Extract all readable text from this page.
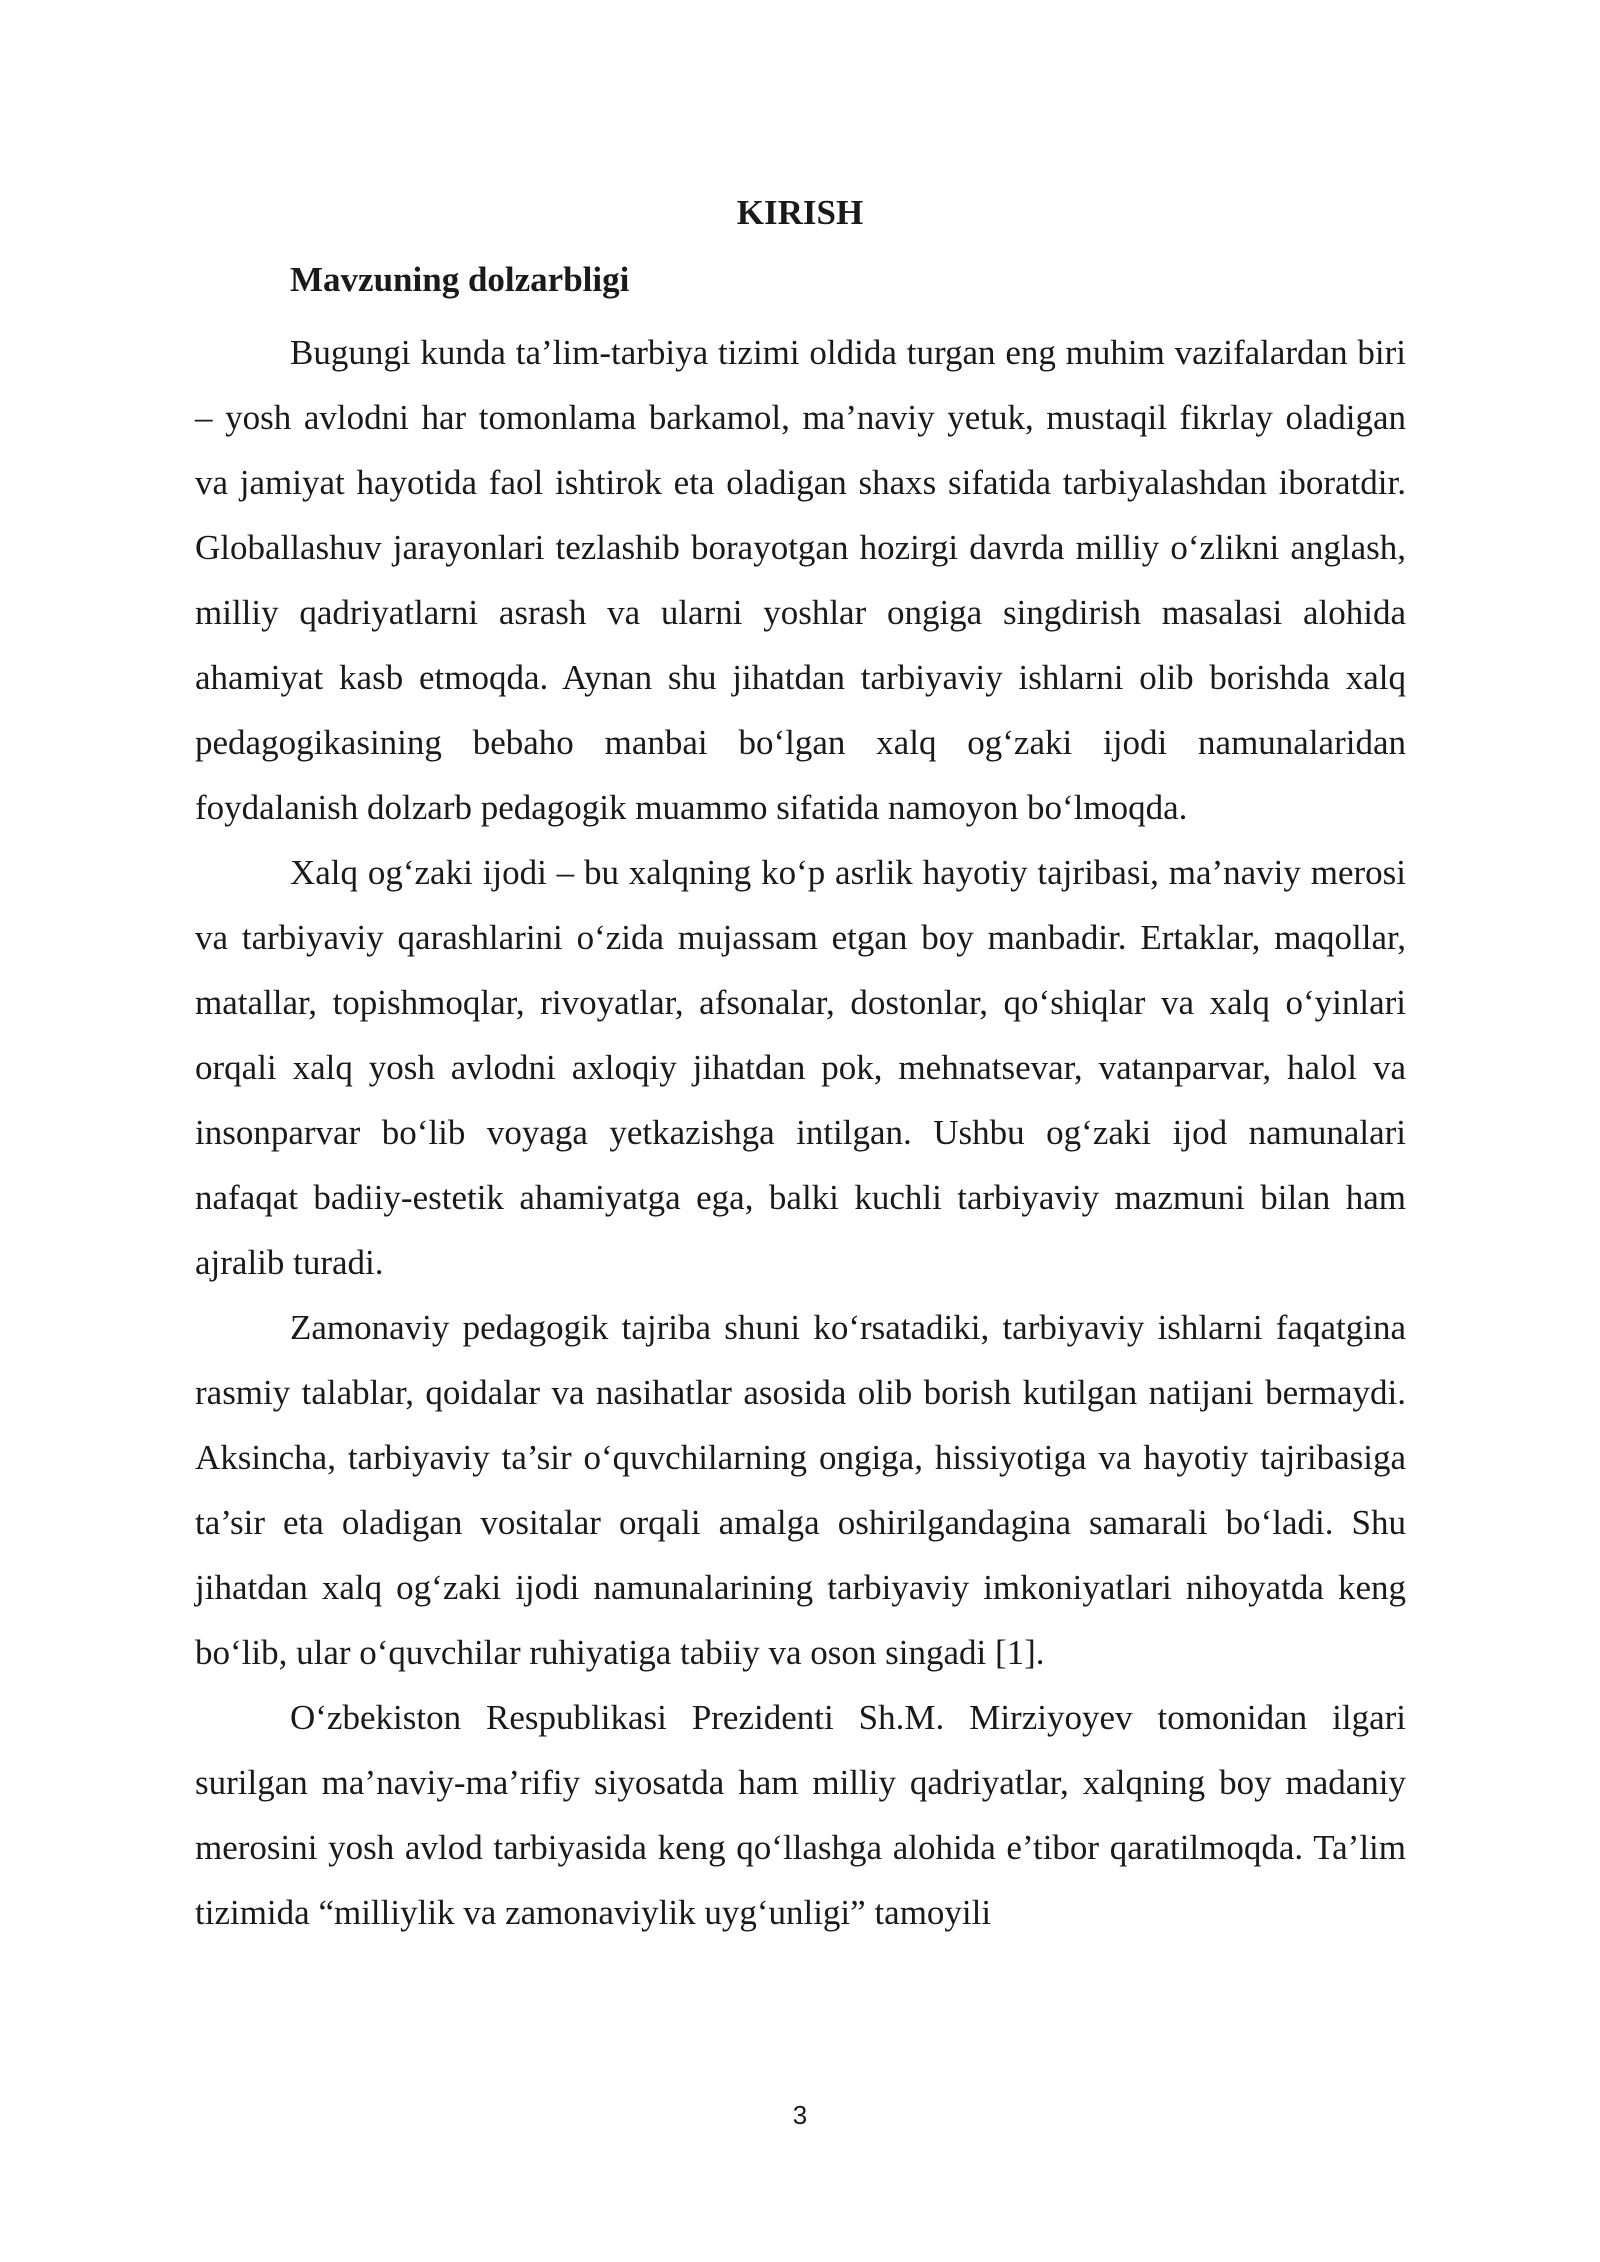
KIRISH
Mavzuning dolzarbligi

Bugungi kunda ta’lim-tarbiya tizimi oldida turgan eng muhim vazifalardan biri – yosh avlodni har tomonlama barkamol, ma’naviy yetuk, mustaqil fikrlay oladigan va jamiyat hayotida faol ishtirok eta oladigan shaxs sifatida tarbiyalashdan iboratdir. Globallashuv jarayonlari tezlashib borayotgan hozirgi davrda milliy o‘zlikni anglash, milliy qadriyatlarni asrash va ularni yoshlar ongiga singdirish masalasi alohida ahamiyat kasb etmoqda. Aynan shu jihatdan tarbiyaviy ishlarni olib borishda xalq pedagogikasining bebaho manbai bo‘lgan xalq og‘zaki ijodi namunalaridan foydalanish dolzarb pedagogik muammo sifatida namoyon bo‘lmoqda.

Xalq og‘zaki ijodi – bu xalqning ko‘p asrlik hayotiy tajribasi, ma’naviy merosi va tarbiyaviy qarashlarini o‘zida mujassam etgan boy manbadir. Ertaklar, maqollar, matallar, topishmoqlar, rivoyatlar, afsonalar, dostonlar, qo‘shiqlar va xalq o‘yinlari orqali xalq yosh avlodni axloqiy jihatdan pok, mehnatsevar, vatanparvar, halol va insonparvar bo‘lib voyaga yetkazishga intilgan. Ushbu og‘zaki ijod namunalari nafaqat badiiy-estetik ahamiyatga ega, balki kuchli tarbiyaviy mazmuni bilan ham ajralib turadi.

Zamonaviy pedagogik tajriba shuni ko‘rsatadiki, tarbiyaviy ishlarni faqatgina rasmiy talablar, qoidalar va nasihatlar asosida olib borish kutilgan natijani bermaydi. Aksincha, tarbiyaviy ta’sir o‘quvchilarning ongiga, hissiyotiga va hayotiy tajribasiga ta’sir eta oladigan vositalar orqali amalga oshirilgandagina samarali bo‘ladi. Shu jihatdan xalq og‘zaki ijodi namunalarining tarbiyaviy imkoniyatlari nihoyatda keng bo‘lib, ular o‘quvchilar ruhiyatiga tabiiy va oson singadi [1].

O‘zbekiston Respublikasi Prezidenti Sh.M. Mirziyoyev tomonidan ilgari surilgan ma’naviy-ma’rifiy siyosatda ham milliy qadriyatlar, xalqning boy madaniy merosini yosh avlod tarbiyasida keng qo‘llashga alohida e’tibor qaratilmoqda. Ta’lim tizimida “milliylik va zamonaviylik uyg‘unligi” tamoyili

3
